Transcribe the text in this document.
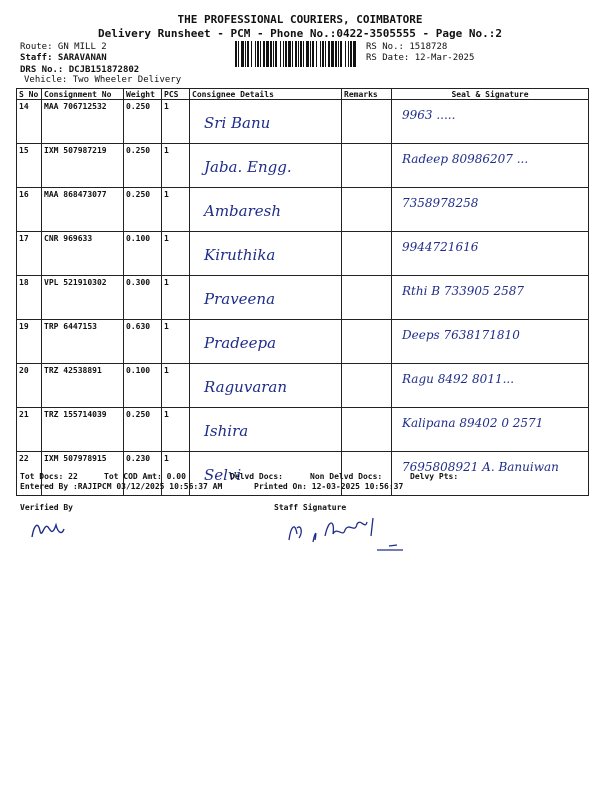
THE PROFESSIONAL COURIERS, COIMBATORE
Delivery Runsheet - PCM - Phone No.:0422-3505555 - Page No.:2
Route: GN MILL 2
Staff: SARAVANAN
DRS No.: DCJB151872802
Vehicle: Two Wheeler Delivery
RS No.: 1518728
RS Date: 12-Mar-2025
S No	Consignment No	Weight	PCS	Consignee Details	Remarks	Seal & Signature
14	MAA 706712532	0.250	1	Sri Banu		9963 .....

15	IXM 507987219	0.250	1	Jaba. Engg.		Radeep 80986207 ...

16	MAA 868473077	0.250	1	Ambaresh		7358978258

17	CNR 969633	0.100	1	Kiruthika		9944721616

18	VPL 521910302	0.300	1	Praveena		Rthi B 733905 2587

19	TRP 6447153	0.630	1	Pradeepa		Deeps 7638171810

20	TRZ 42538891	0.100	1	Raguvaran		Ragu 8492 8011...

21	TRZ 155714039	0.250	1	Ishira		Kalipana 89402 0 2571

22	IXM 507978915	0.230	1	Selvi		7695808921 A. Banuiwan
Tot Docs: 22	Tot COD Amt: 0.00	Delvd Docs:	Non Delvd Docs:	Delvy Pts:
Entered By :RAJIPCM 03/12/2025 10:56:37 AM	Printed On: 12-03-2025 10:56:37
Verified By	Staff Signature
